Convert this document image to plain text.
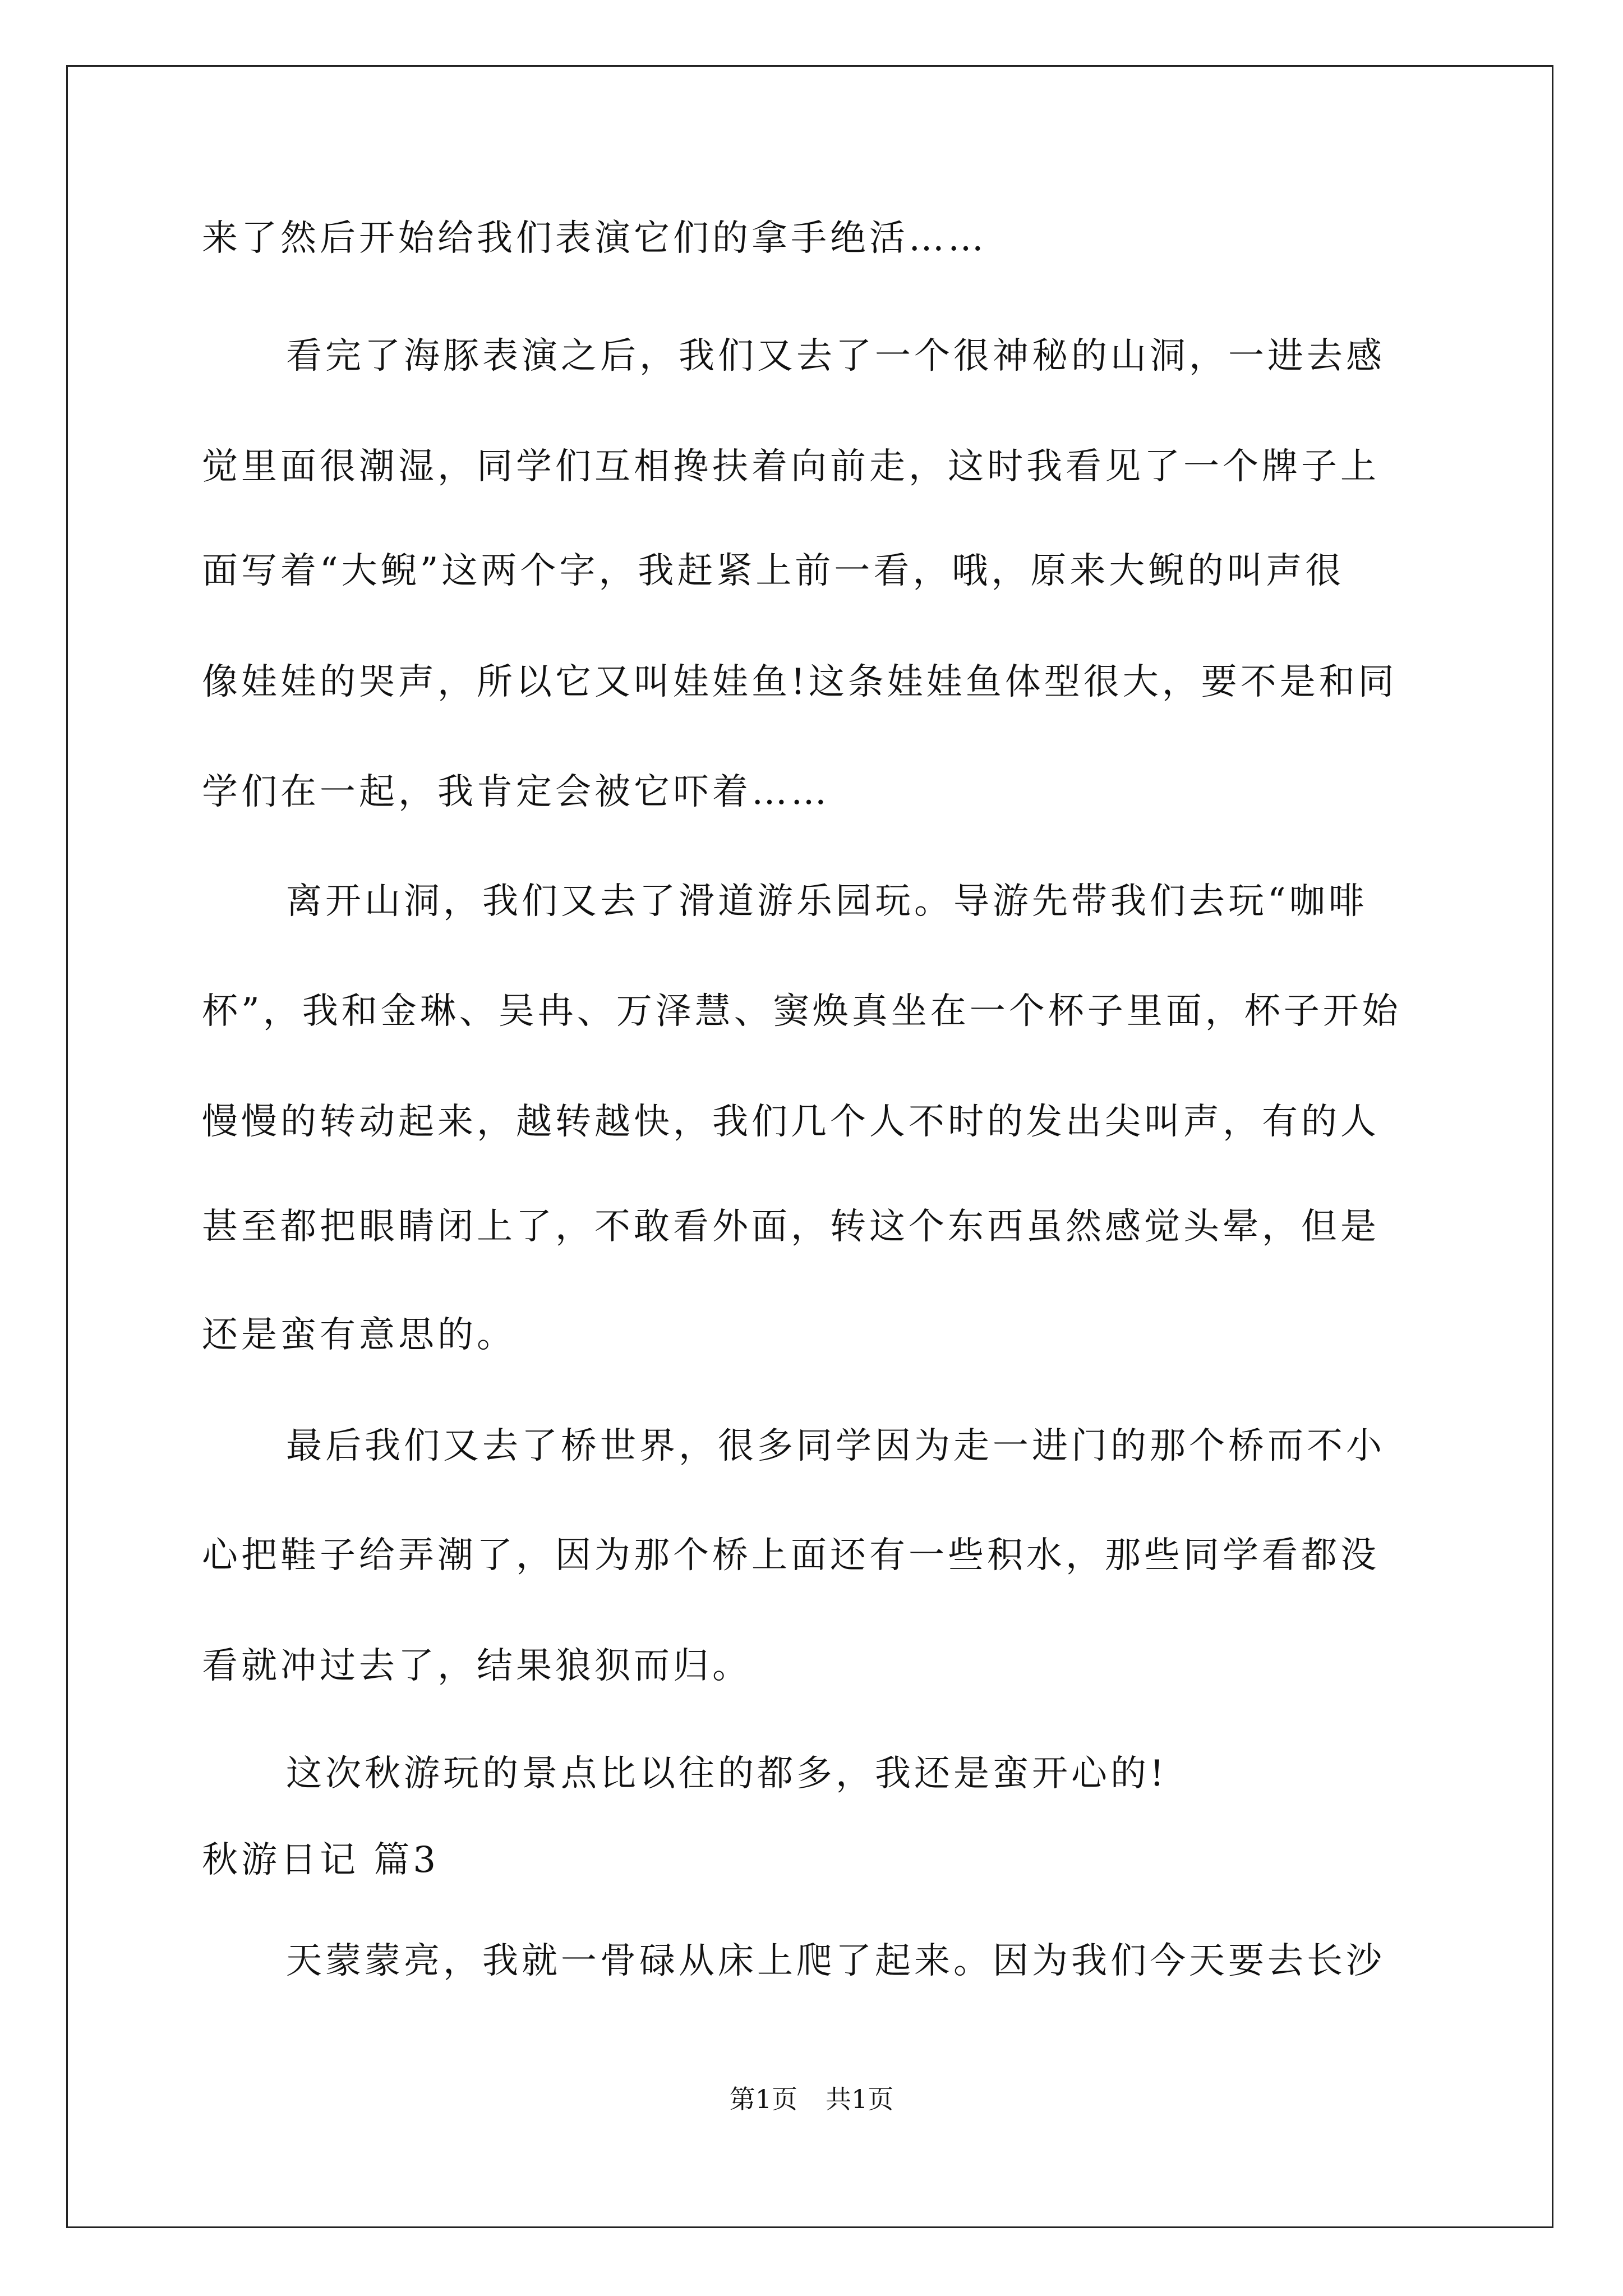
来了然后开始给我们表演它们的拿手绝活……
看完了海豚表演之后，我们又去了一个很神秘的山洞，一进去感
觉里面很潮湿，同学们互相搀扶着向前走，这时我看见了一个牌子上
面写着“大鲵”这两个字，我赶紧上前一看，哦，原来大鲵的叫声很
像娃娃的哭声，所以它又叫娃娃鱼!这条娃娃鱼体型很大，要不是和同
学们在一起，我肯定会被它吓着……
离开山洞，我们又去了滑道游乐园玩。导游先带我们去玩“咖啡
杯”，我和金琳、吴冉、万泽慧、窦焕真坐在一个杯子里面，杯子开始
慢慢的转动起来，越转越快，我们几个人不时的发出尖叫声，有的人
甚至都把眼睛闭上了，不敢看外面，转这个东西虽然感觉头晕，但是
还是蛮有意思的。
最后我们又去了桥世界，很多同学因为走一进门的那个桥而不小
心把鞋子给弄潮了，因为那个桥上面还有一些积水，那些同学看都没
看就冲过去了，结果狼狈而归。
这次秋游玩的景点比以往的都多，我还是蛮开心的!
秋游日记 篇3
天蒙蒙亮，我就一骨碌从床上爬了起来。因为我们今天要去长沙
第1页 共1页
